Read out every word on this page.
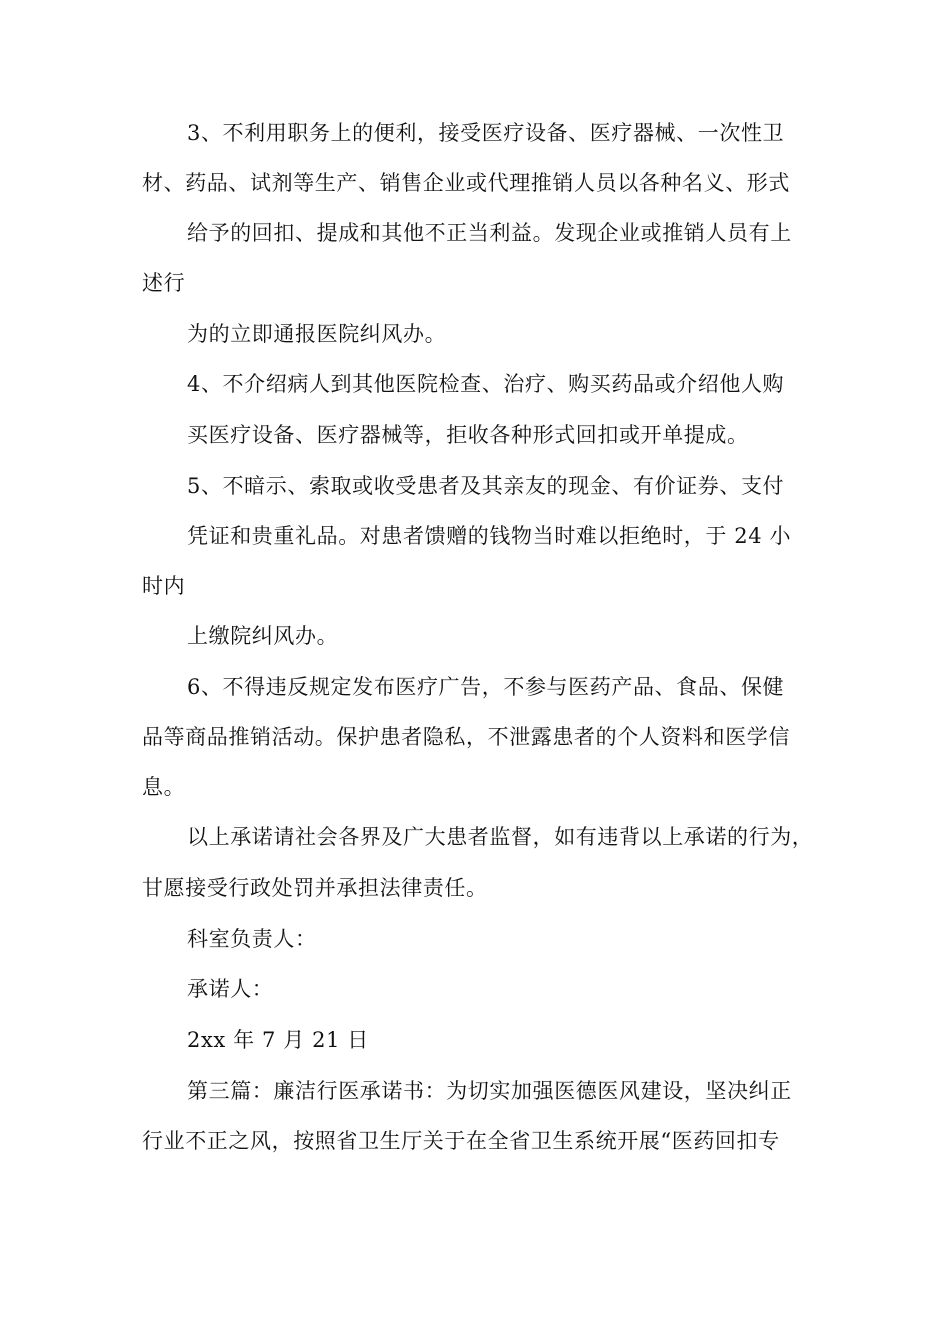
3、不利用职务上的便利，接受医疗设备、医疗器械、一次性卫
材、药品、试剂等生产、销售企业或代理推销人员以各种名义、形式
给予的回扣、提成和其他不正当利益。发现企业或推销人员有上
述行
为的立即通报医院纠风办。
4、不介绍病人到其他医院检查、治疗、购买药品或介绍他人购
买医疗设备、医疗器械等，拒收各种形式回扣或开单提成。
5、不暗示、索取或收受患者及其亲友的现金、有价证券、支付
凭证和贵重礼品。对患者馈赠的钱物当时难以拒绝时，于 24 小
时内
上缴院纠风办。
6、不得违反规定发布医疗广告，不参与医药产品、食品、保健
品等商品推销活动。保护患者隐私，不泄露患者的个人资料和医学信
息。
以上承诺请社会各界及广大患者监督，如有违背以上承诺的行为，
甘愿接受行政处罚并承担法律责任。
科室负责人：
承诺人：
2xx 年 7 月 21 日
第三篇：廉洁行医承诺书：为切实加强医德医风建设，坚决纠正
行业不正之风，按照省卫生厅关于在全省卫生系统开展“医药回扣专
